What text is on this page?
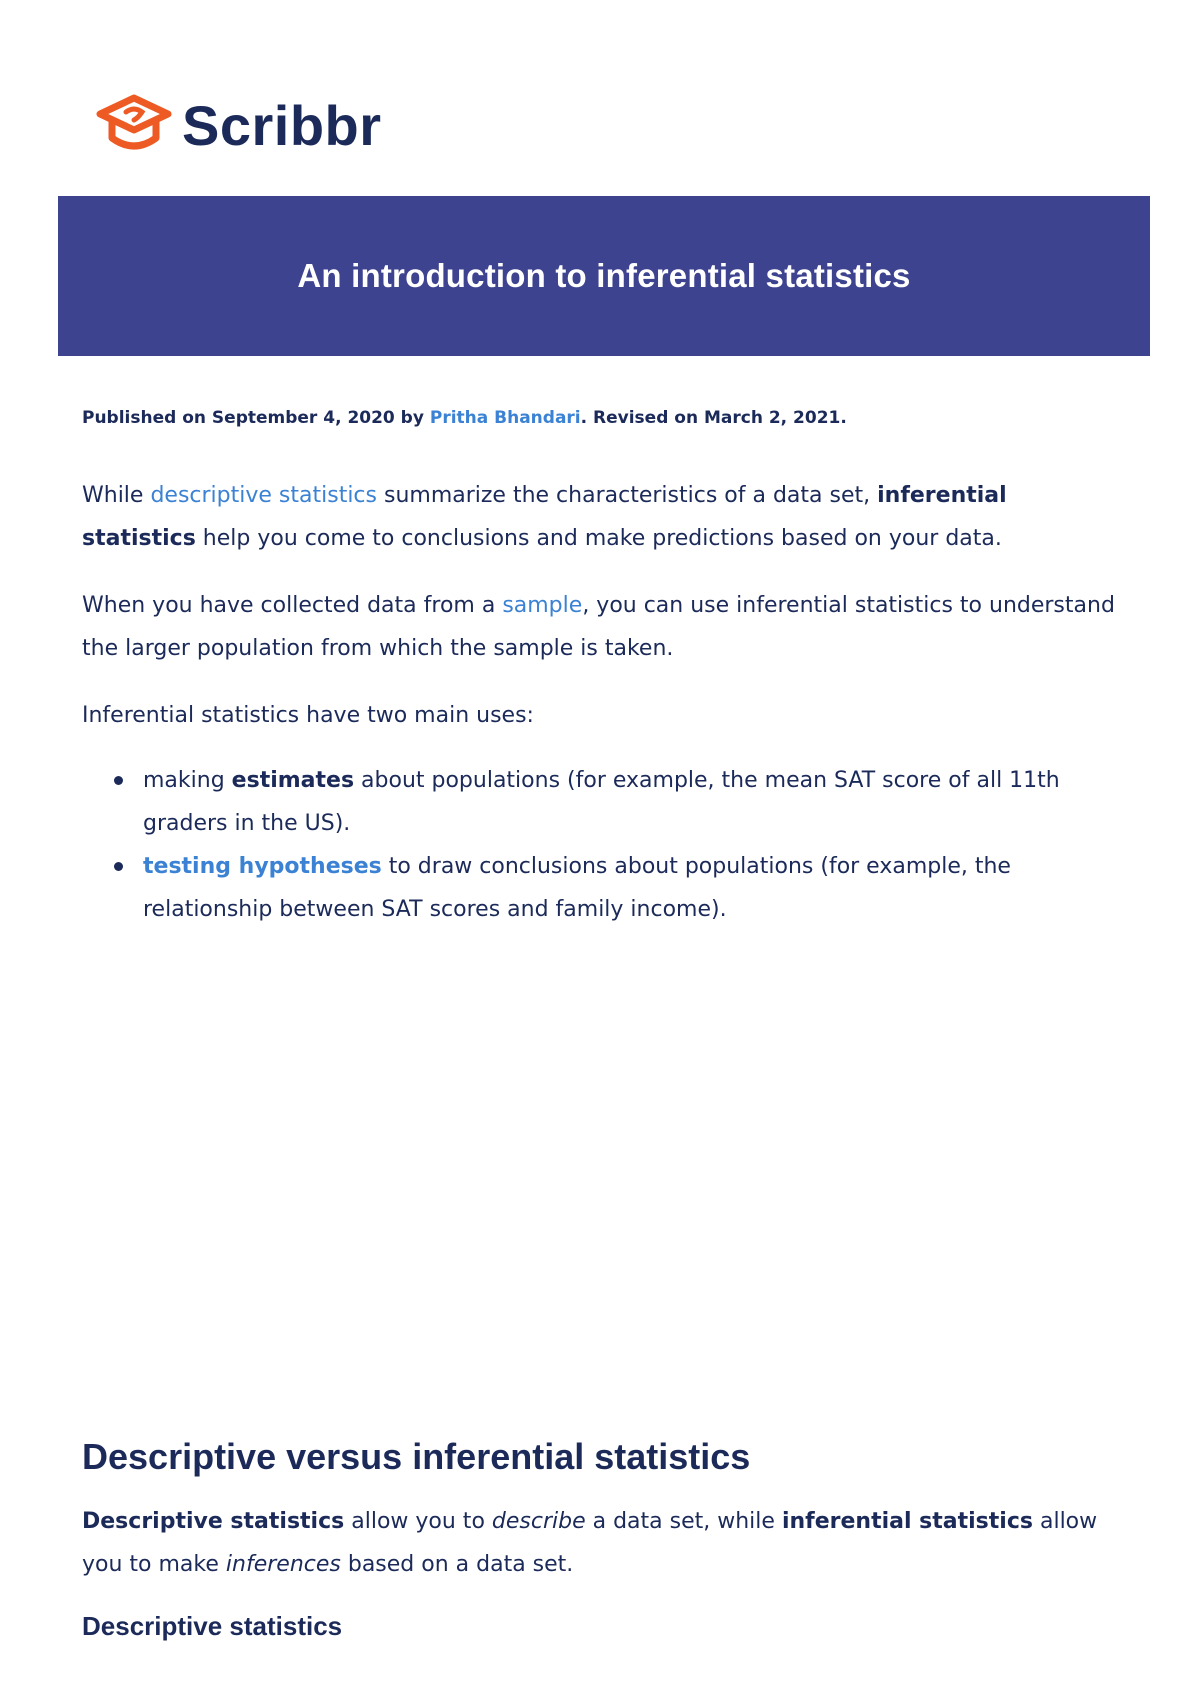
Scribbr
An introduction to inferential statistics
Published on September 4, 2020 by Pritha Bhandari. Revised on March 2, 2021.

While descriptive statistics summarize the characteristics of a data set, inferential statistics help you come to conclusions and make predictions based on your data.

When you have collected data from a sample, you can use inferential statistics to understand the larger population from which the sample is taken.

Inferential statistics have two main uses:

making estimates about populations (for example, the mean SAT score of all 11th graders in the US).
testing hypotheses to draw conclusions about populations (for example, the relationship between SAT scores and family income).
Descriptive versus inferential statistics

Descriptive statistics allow you to describe a data set, while inferential statistics allow you to make inferences based on a data set.

Descriptive statistics
